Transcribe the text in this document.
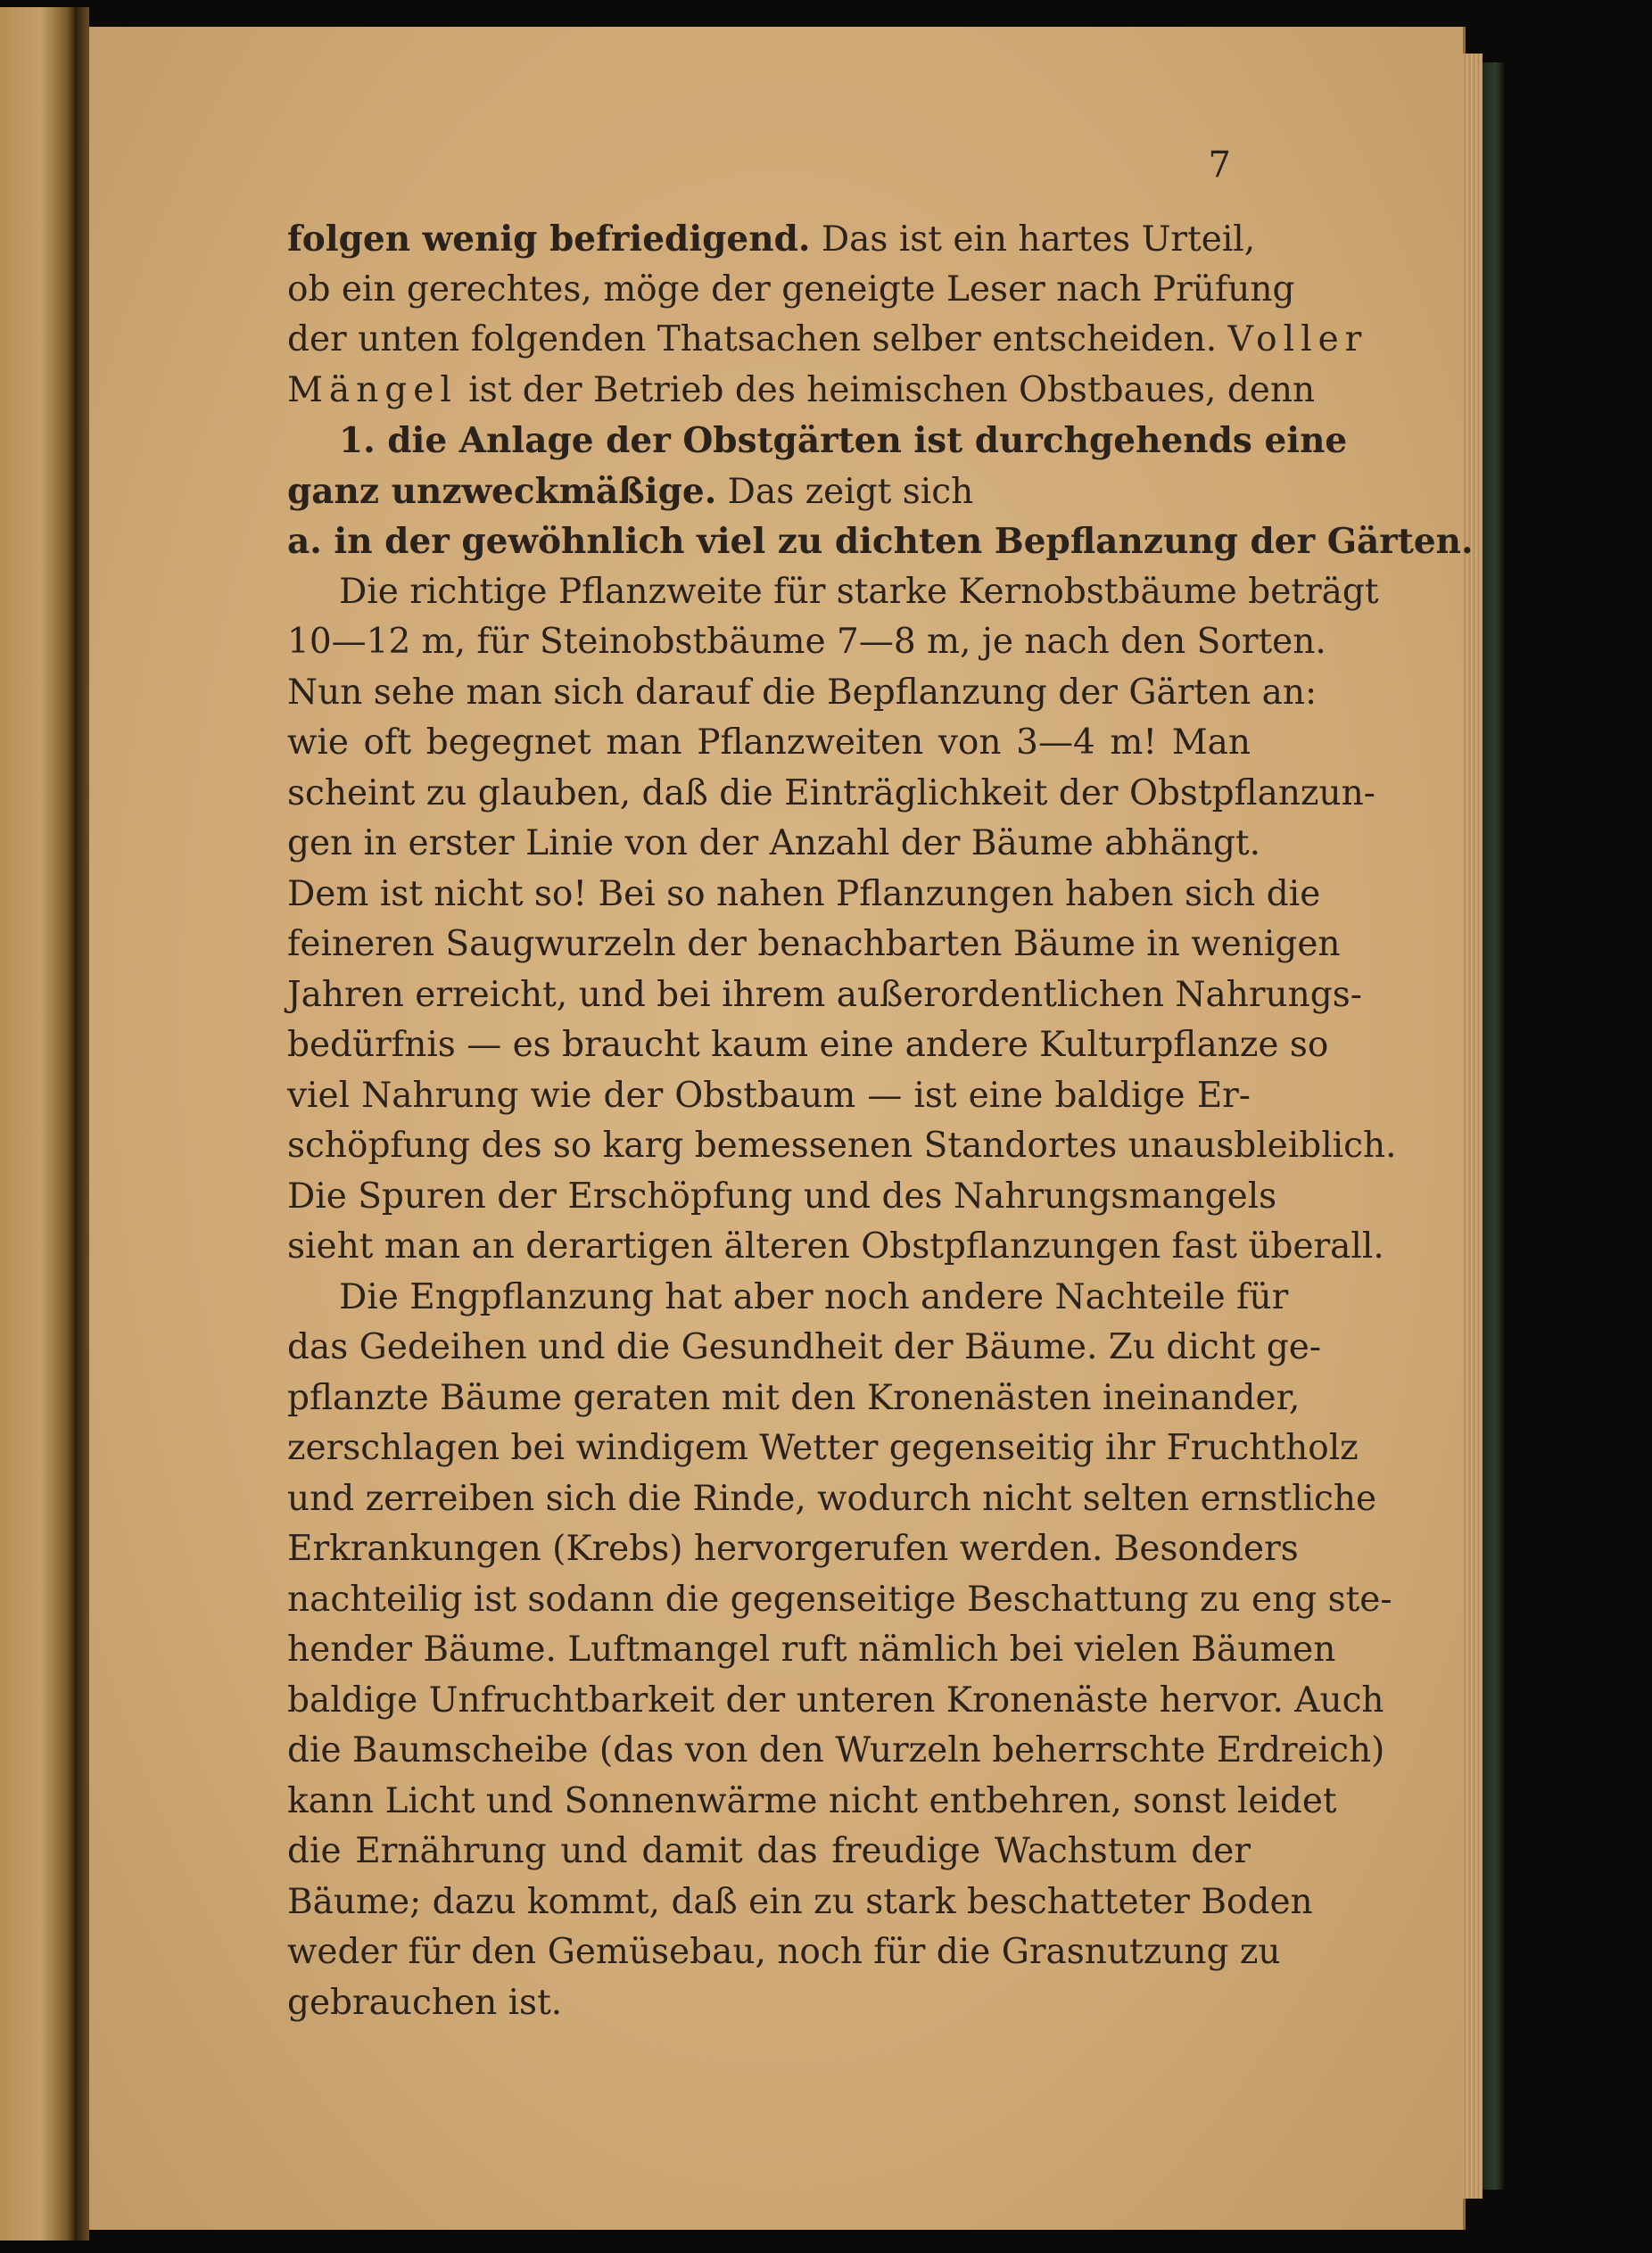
7
folgen wenig befriedigend. Das ist ein hartes Urteil,
ob ein gerechtes, möge der geneigte Leser nach Prüfung
der unten folgenden Thatsachen selber entscheiden. Voller
Mängel ist der Betrieb des heimischen Obstbaues, denn
1. die Anlage der Obstgärten ist durchgehends eine
ganz unzweckmäßige. Das zeigt sich
a. in der gewöhnlich viel zu dichten Bepflanzung der Gärten.
Die richtige Pflanzweite für starke Kernobstbäume beträgt
10—12 m, für Steinobstbäume 7—8 m, je nach den Sorten.
Nun sehe man sich darauf die Bepflanzung der Gärten an:
wie oft begegnet man Pflanzweiten von 3—4 m! Man
scheint zu glauben, daß die Einträglichkeit der Obstpflanzun-
gen in erster Linie von der Anzahl der Bäume abhängt.
Dem ist nicht so! Bei so nahen Pflanzungen haben sich die
feineren Saugwurzeln der benachbarten Bäume in wenigen
Jahren erreicht, und bei ihrem außerordentlichen Nahrungs-
bedürfnis — es braucht kaum eine andere Kulturpflanze so
viel Nahrung wie der Obstbaum — ist eine baldige Er-
schöpfung des so karg bemessenen Standortes unausbleiblich.
Die Spuren der Erschöpfung und des Nahrungsmangels
sieht man an derartigen älteren Obstpflanzungen fast überall.
Die Engpflanzung hat aber noch andere Nachteile für
das Gedeihen und die Gesundheit der Bäume. Zu dicht ge-
pflanzte Bäume geraten mit den Kronenästen ineinander,
zerschlagen bei windigem Wetter gegenseitig ihr Fruchtholz
und zerreiben sich die Rinde, wodurch nicht selten ernstliche
Erkrankungen (Krebs) hervorgerufen werden. Besonders
nachteilig ist sodann die gegenseitige Beschattung zu eng ste-
hender Bäume. Luftmangel ruft nämlich bei vielen Bäumen
baldige Unfruchtbarkeit der unteren Kronenäste hervor. Auch
die Baumscheibe (das von den Wurzeln beherrschte Erdreich)
kann Licht und Sonnenwärme nicht entbehren, sonst leidet
die Ernährung und damit das freudige Wachstum der
Bäume; dazu kommt, daß ein zu stark beschatteter Boden
weder für den Gemüsebau, noch für die Grasnutzung zu
gebrauchen ist.
